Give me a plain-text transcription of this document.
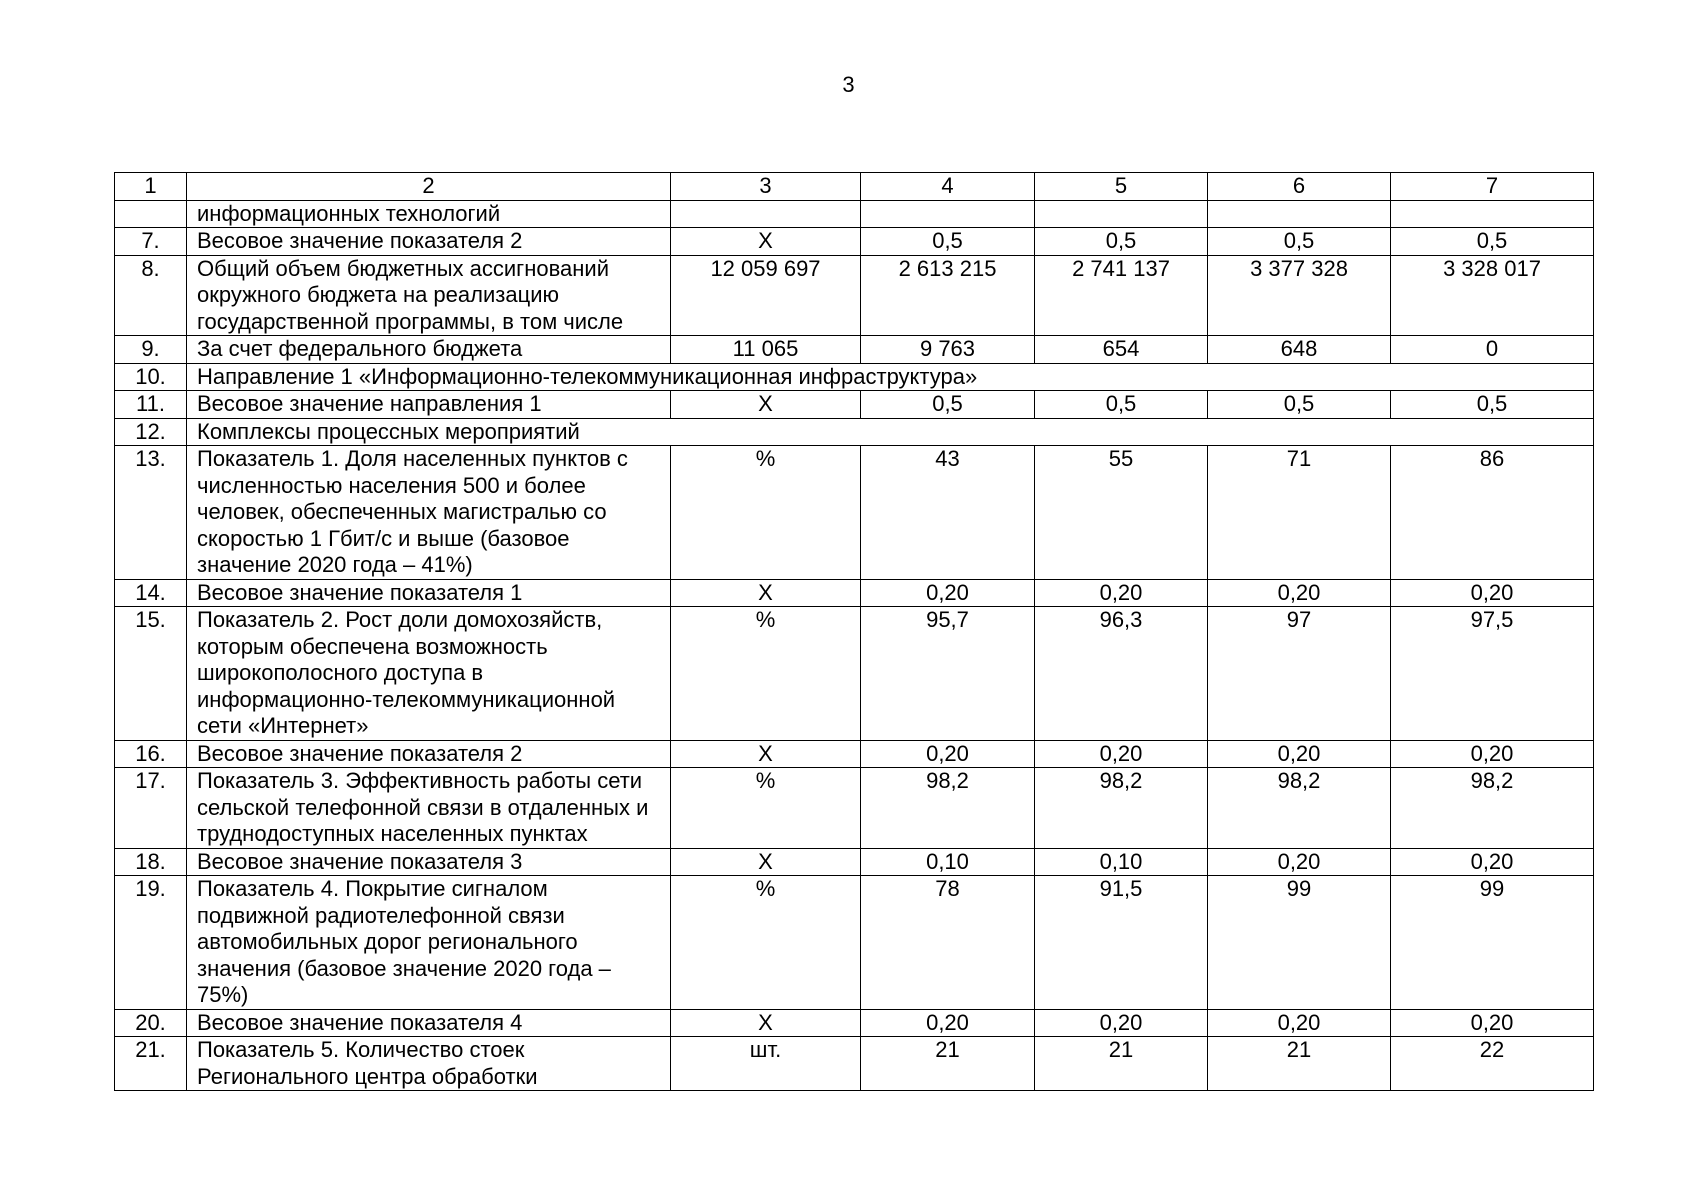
3
1	2	3	4	5	6	7
	информационных технологий					
7.	Весовое значение показателя 2	X	0,5	0,5	0,5	0,5
8.	Общий объем бюджетных ассигнований окружного бюджета на реализацию государственной программы, в том числе	12 059 697	2 613 215	2 741 137	3 377 328	3 328 017
9.	За счет федерального бюджета	11 065	9 763	654	648	0
10.	Направление 1 «Информационно-телекоммуникационная инфраструктура»					
11.	Весовое значение направления 1	X	0,5	0,5	0,5	0,5
12.	Комплексы процессных мероприятий					
13.	Показатель 1. Доля населенных пунктов с численностью населения 500 и более человек, обеспеченных магистралью со скоростью 1 Гбит/с и выше (базовое значение 2020 года – 41%)	%	43	55	71	86
14.	Весовое значение показателя 1	X	0,20	0,20	0,20	0,20
15.	Показатель 2. Рост доли домохозяйств, которым обеспечена возможность широкополосного доступа в информационно-телекоммуникационной сети «Интернет»	%	95,7	96,3	97	97,5
16.	Весовое значение показателя 2	X	0,20	0,20	0,20	0,20
17.	Показатель 3. Эффективность работы сети сельской телефонной связи в отдаленных и труднодоступных населенных пунктах	%	98,2	98,2	98,2	98,2
18.	Весовое значение показателя 3	X	0,10	0,10	0,20	0,20
19.	Показатель 4. Покрытие сигналом подвижной радиотелефонной связи автомобильных дорог регионального значения (базовое значение 2020 года – 75%)	%	78	91,5	99	99
20.	Весовое значение показателя 4	X	0,20	0,20	0,20	0,20
21.	Показатель 5. Количество стоек Регионального центра обработки	шт.	21	21	21	22
